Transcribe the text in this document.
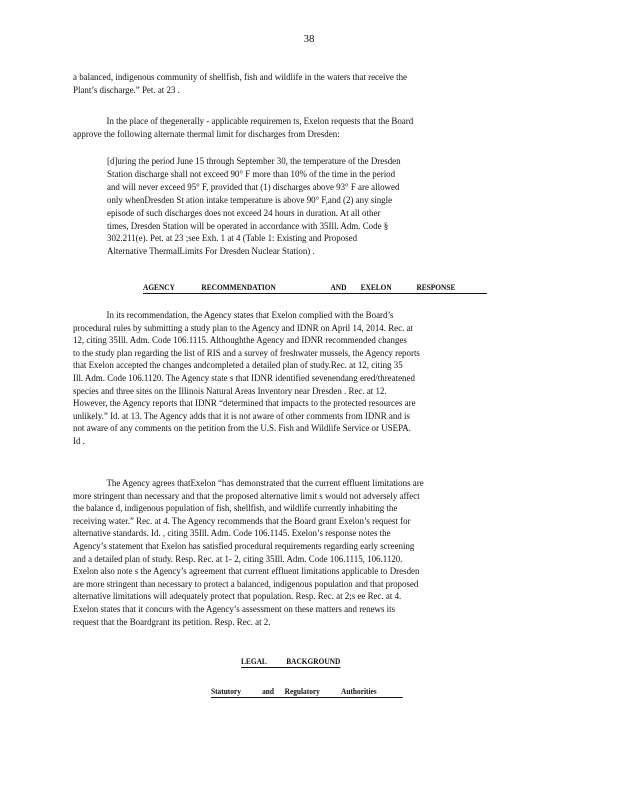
38

a balanced, indigenous community of shellfish, fish and wildlife in the waters that receive the
Plant’s discharge.” Pet. at 23 .

In the place of thegenerally - applicable requiremen ts, Exelon requests that the Board
approve the following alternate thermal limit for discharges from Dresden:

[d]uring the period June 15 through September 30, the temperature of the Dresden
Station discharge shall not exceed 90° F more than 10% of the time in the period
and will never exceed 95° F, provided that (1) discharges above 93° F are allowed
only whenDresden St ation intake temperature is above 90° F,and (2) any single
episode of such discharges does not exceed 24 hours in duration. At all other
times, Dresden Station will be operated in accordance with 35Ill. Adm. Code §
302.211(e). Pet. at 23 ;see Exh. 1 at 4 (Table 1: Existing and Proposed
Alternative ThermalLimits For Dresden Nuclear Station) .

AGENCY	RECOMMENDATION	AND EXELON	RESPONSE

In its recommendation, the Agency states that Exelon complied with the Board’s
procedural rules by submitting a study plan to the Agency and IDNR on April 14, 2014. Rec. at
12, citing 35Ill. Adm. Code 106.1115. Althoughthe Agency and IDNR recommended changes
to the study plan regarding the list of RIS and a survey of freshwater mussels, the Agency reports
that Exelon accepted the changes andcompleted a detailed plan of study.Rec. at 12, citing 35
Ill. Adm. Code 106.1120. The Agency state s that IDNR identified sevenendang ered/threatened
species and three sites on the Illinois Natural Areas Inventory near Dresden . Rec. at 12.
However, the Agency reports that IDNR “determined that impacts to the protected resources are
unlikely.” Id. at 13. The Agency adds that it is not aware of other comments from IDNR and is
not aware of any comments on the petition from the U.S. Fish and Wildlife Service or USEPA.
Id .

The Agency agrees thatExelon “has demonstrated that the current effluent limitations are
more stringent than necessary and that the proposed alternative limit s would not adversely affect
the balance d, indigenous population of fish, shellfish, and wildlife currently inhabiting the
receiving water.” Rec. at 4. The Agency recommends that the Board grant Exelon’s request for
alternative standards. Id. , citing 35Ill. Adm. Code 106.1145. Exelon’s response notes the
Agency’s statement that Exelon has satisfied procedural requirements regarding early screening
and a detailed plan of study. Resp. Rec. at 1- 2, citing 35Ill. Adm. Code 106.1115, 106.1120.
Exelon also note s the Agency’s agreement that current effluent limitations applicable to Dresden
are more stringent than necessary to protect a balanced, indigenous population and that proposed
alternative limitations will adequately protect that population. Resp. Rec. at 2;s ee Rec. at 4.
Exelon states that it concurs with the Agency’s assessment on these matters and renews its
request that the Boardgrant its petition. Resp. Rec. at 2.

LEGAL BACKGROUND
Statutory	and Regulatory	Authorities
